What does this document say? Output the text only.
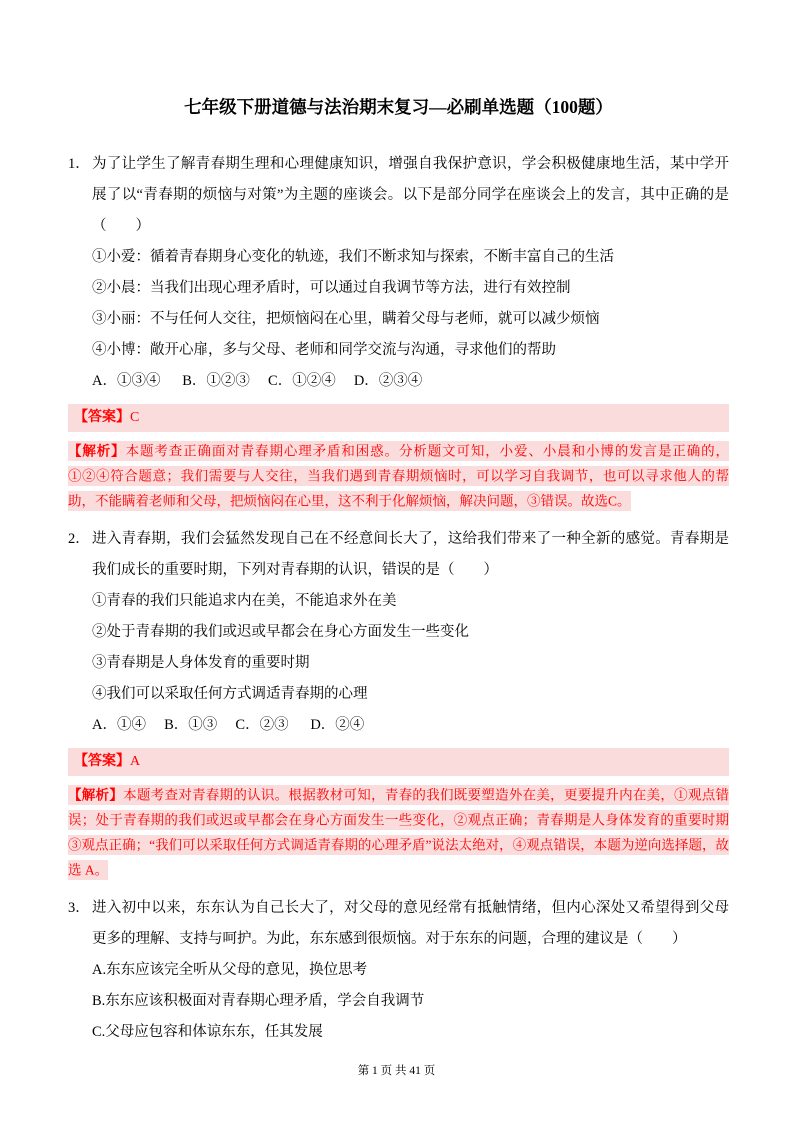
七年级下册道德与法治期末复习—必刷单选题（100题）
1． 为了让学生了解青春期生理和心理健康知识，增强自我保护意识，学会积极健康地生活，某中学开展了以“青春期的烦恼与对策”为主题的座谈会。以下是部分同学在座谈会上的发言，其中正确的是（　　）

①小爱：循着青春期身心变化的轨迹，我们不断求知与探索，不断丰富自己的生活

②小晨：当我们出现心理矛盾时，可以通过自我调节等方法，进行有效控制

③小丽：不与任何人交往，把烦恼闷在心里，瞒着父母与老师，就可以减少烦恼

④小博：敞开心扉，多与父母、老师和同学交流与沟通，寻求他们的帮助

A．①③④      B．①②③     C．①②④     D．②③④

【答案】C

【解析】本题考查正确面对青春期心理矛盾和困惑。分析题文可知，小爱、小晨和小博的发言是正确的，①②④符合题意；我们需要与人交往，当我们遇到青春期烦恼时，可以学习自我调节，也可以寻求他人的帮助，不能瞒着老师和父母，把烦恼闷在心里，这不利于化解烦恼，解决问题，③错误。故选C。

2． 进入青春期，我们会猛然发现自己在不经意间长大了，这给我们带来了一种全新的感觉。青春期是我们成长的重要时期，下列对青春期的认识，错误的是（　　）

①青春的我们只能追求内在美，不能追求外在美

②处于青春期的我们或迟或早都会在身心方面发生一些变化

③青春期是人身体发育的重要时期

④我们可以采取任何方式调适青春期的心理

A．①④     B．①③     C．②③      D．②④

【答案】A

【解析】本题考查对青春期的认识。根据教材可知，青春的我们既要塑造外在美，更要提升内在美，①观点错误；处于青春期的我们或迟或早都会在身心方面发生一些变化，②观点正确；青春期是人身体发育的重要时期③观点正确；“我们可以采取任何方式调适青春期的心理矛盾”说法太绝对，④观点错误，本题为逆向选择题，故选 A。

3． 进入初中以来，东东认为自己长大了，对父母的意见经常有抵触情绪，但内心深处又希望得到父母更多的理解、支持与呵护。为此，东东感到很烦恼。对于东东的问题，合理的建议是（　　）

A.东东应该完全听从父母的意见，换位思考

B.东东应该积极面对青春期心理矛盾，学会自我调节

C.父母应包容和体谅东东，任其发展

第 1 页 共 41 页
